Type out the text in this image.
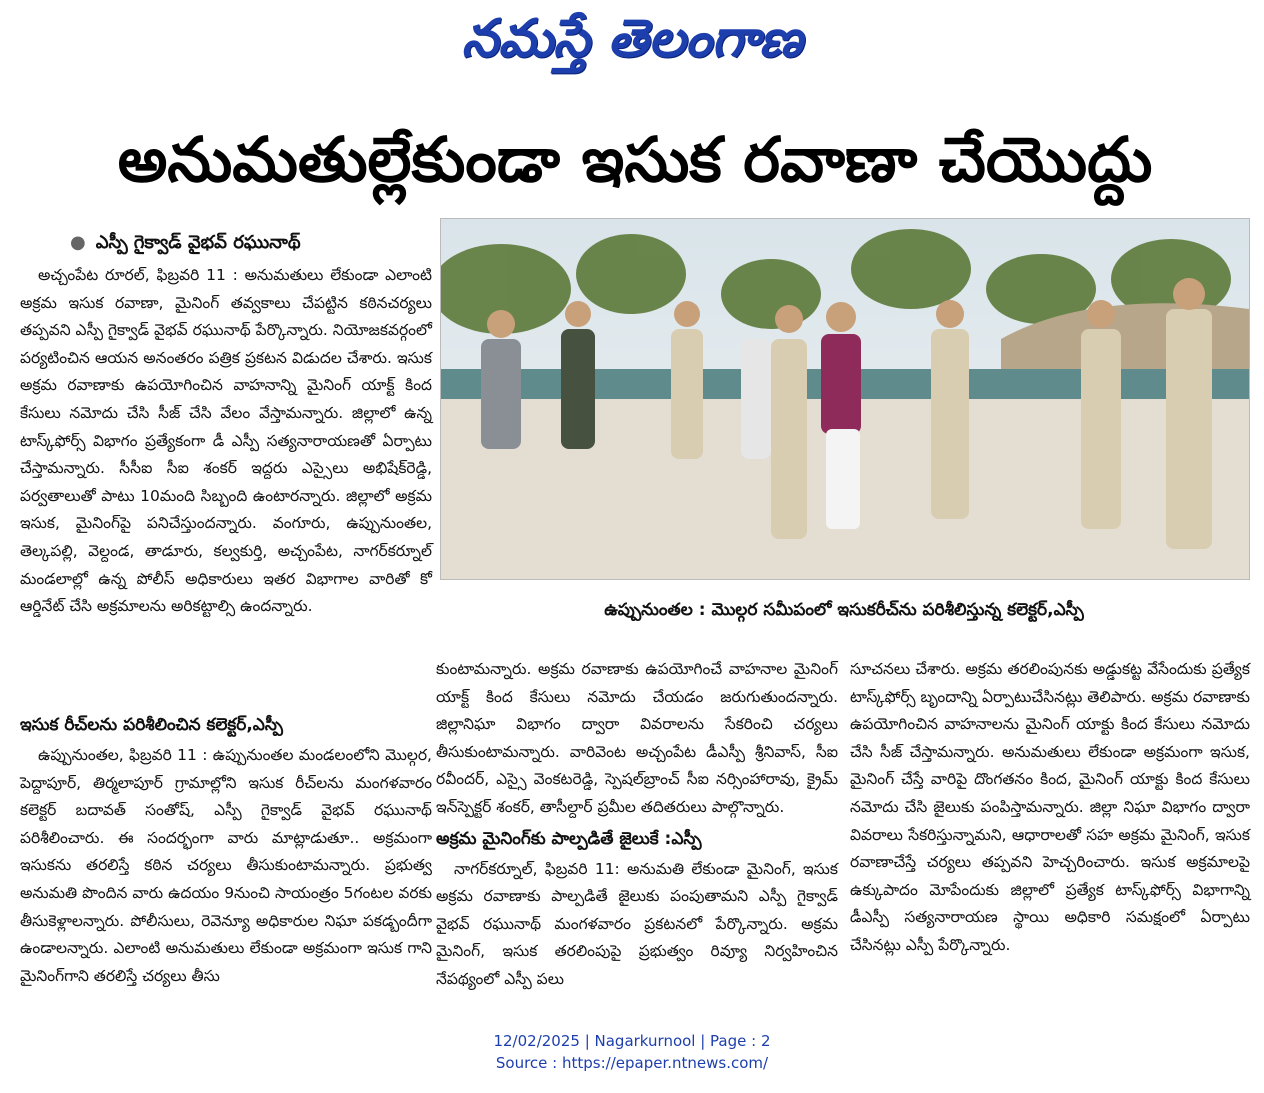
నమస్తే తెలంగాణ
అనుమతుల్లేకుండా ఇసుక రవాణా చేయొద్దు
● ఎస్పీ గైక్వాడ్ వైభవ్ రఘునాథ్

అచ్చంపేట రూరల్, ఫిబ్రవరి 11 : అనుమతులు లేకుండా ఎలాంటి అక్రమ ఇసుక రవాణా, మైనింగ్ తవ్వకాలు చేపట్టిన కఠినచర్యలు తప్పవని ఎస్పీ గైక్వాడ్ వైభవ్ రఘునాథ్ పేర్కొన్నారు. నియోజకవర్గంలో పర్యటించిన ఆయన అనంతరం పత్రిక ప్రకటన విడుదల చేశారు. ఇసుక అక్రమ రవాణాకు ఉపయోగించిన వాహనాన్ని మైనింగ్ యాక్ట్ కింద కేసులు నమోదు చేసి సీజ్ చేసి వేలం వేస్తామన్నారు. జిల్లాలో ఉన్న టాస్క్‌ఫోర్స్ విభాగం ప్రత్యేకంగా డీ ఎస్పీ సత్యనారాయణతో ఏర్పాటు చేస్తామన్నారు. సీసీఐ సీఐ శంకర్ ఇద్దరు ఎస్సైలు అభిషేక్‌రెడ్డి, పర్వతాలుతో పాటు 10మంది సిబ్బంది ఉంటారన్నారు. జిల్లాలో అక్రమ ఇసుక, మైనింగ్‌పై పనిచేస్తుందన్నారు. వంగూరు, ఉప్పునుంతల, తెల్కపల్లి, వెల్దండ, తాడూరు, కల్వకుర్తి, అచ్చంపేట, నాగర్‌కర్నూల్ మండలాల్లో ఉన్న పోలీస్ అధికారులు ఇతర విభాగాల వారితో కో ఆర్డినేట్ చేసి అక్రమాలను అరికట్టాల్సి ఉందన్నారు.

ఇసుక రీచ్‌లను పరిశీలించిన కలెక్టర్,ఎస్పీ

ఉప్పునుంతల, ఫిబ్రవరి 11 : ఉప్పునుంతల మండలంలోని మొల్గర, పెద్దాపూర్, తిర్మలాపూర్ గ్రామాల్లోని ఇసుక రీచ్‌లను మంగళవారం కలెక్టర్ బదావత్ సంతోష్, ఎస్పీ గైక్వాడ్ వైభవ్ రఘునాథ్ పరిశీలించారు. ఈ సందర్భంగా వారు మాట్లాడుతూ.. అక్రమంగా ఇసుకను తరలిస్తే కఠిన చర్యలు తీసుకుంటామన్నారు. ప్రభుత్వ అనుమతి పొందిన వారు ఉదయం 9నుంచి సాయంత్రం 5గంటల వరకు తీసుకెళ్లాలన్నారు. పోలీసులు, రెవెన్యూ అధికారుల నిఘా పకడ్బందీగా ఉండాలన్నారు. ఎలాంటి అనుమతులు లేకుండా అక్రమంగా ఇసుక గాని మైనింగ్‌గాని తరలిస్తే చర్యలు తీసు

ఉప్పునుంతల : మొల్గర సమీపంలో ఇసుకరీచ్‌ను పరిశీలిస్తున్న కలెక్టర్,ఎస్పీ

కుంటామన్నారు. అక్రమ రవాణాకు ఉపయోగించే వాహనాల మైనింగ్ యాక్ట్ కింద కేసులు నమోదు చేయడం జరుగుతుందన్నారు. జిల్లానిఘా విభాగం ద్వారా వివరాలను సేకరించి చర్యలు తీసుకుంటామన్నారు. వారివెంట అచ్చంపేట డీఎస్పీ శ్రీనివాస్, సీఐ రవీందర్, ఎస్సై వెంకటరెడ్డి, స్పెషల్‌బ్రాంచ్ సీఐ నర్సింహారావు, క్రైమ్ ఇన్‌స్పెక్టర్ శంకర్, తాసీల్దార్ ప్రమీల తదితరులు పాల్గొన్నారు.

అక్రమ మైనింగ్‌కు పాల్పడితే జైలుకే :ఎస్పీ

నాగర్‌కర్నూల్, ఫిబ్రవరి 11: అనుమతి లేకుండా మైనింగ్, ఇసుక అక్రమ రవాణాకు పాల్పడితే జైలుకు పంపుతామని ఎస్పీ గైక్వాడ్ వైభవ్ రఘునాథ్ మంగళవారం ప్రకటనలో పేర్కొన్నారు. అక్రమ మైనింగ్, ఇసుక తరలింపుపై ప్రభుత్వం రివ్యూ నిర్వహించిన నేపథ్యంలో ఎస్పీ పలు

సూచనలు చేశారు. అక్రమ తరలింపునకు అడ్డుకట్ట వేసేందుకు ప్రత్యేక టాస్క్‌ఫోర్స్ బృందాన్ని ఏర్పాటుచేసినట్లు తెలిపారు. అక్రమ రవాణాకు ఉపయోగించిన వాహనాలను మైనింగ్ యాక్టు కింద కేసులు నమోదు చేసి సీజ్ చేస్తామన్నారు. అనుమతులు లేకుండా అక్రమంగా ఇసుక, మైనింగ్ చేస్తే వారిపై దొంగతనం కింద, మైనింగ్ యాక్టు కింద కేసులు నమోదు చేసి జైలుకు పంపిస్తామన్నారు. జిల్లా నిఘా విభాగం ద్వారా వివరాలు సేకరిస్తున్నామని, ఆధారాలతో సహ అక్రమ మైనింగ్, ఇసుక రవాణాచేస్తే చర్యలు తప్పవని హెచ్చరించారు. ఇసుక అక్రమాలపై ఉక్కుపాదం మోపేందుకు జిల్లాలో ప్రత్యేక టాస్క్‌ఫోర్స్ విభాగాన్ని డీఎస్పీ సత్యనారాయణ స్థాయి అధికారి సమక్షంలో ఏర్పాటు చేసినట్లు ఎస్పీ పేర్కొన్నారు.

12/02/2025 | Nagarkurnool | Page : 2
Source : https://epaper.ntnews.com/
